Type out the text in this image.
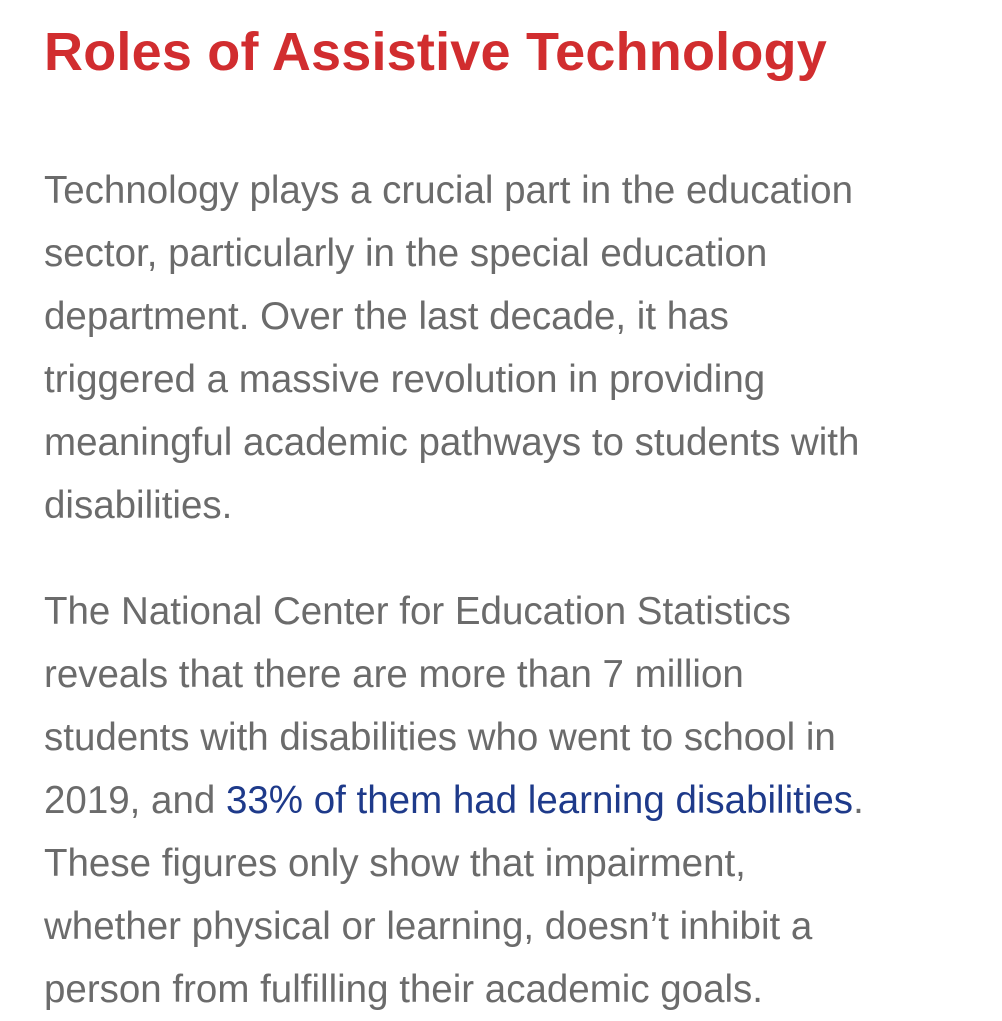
Roles of Assistive Technology

Technology plays a crucial part in the education
sector, particularly in the special education
department. Over the last decade, it has
triggered a massive revolution in providing
meaningful academic pathways to students with
disabilities.

The National Center for Education Statistics
reveals that there are more than 7 million
students with disabilities who went to school in
2019, and 33% of them had learning disabilities.
These figures only show that impairment,
whether physical or learning, doesn’t inhibit a
person from fulfilling their academic goals.
